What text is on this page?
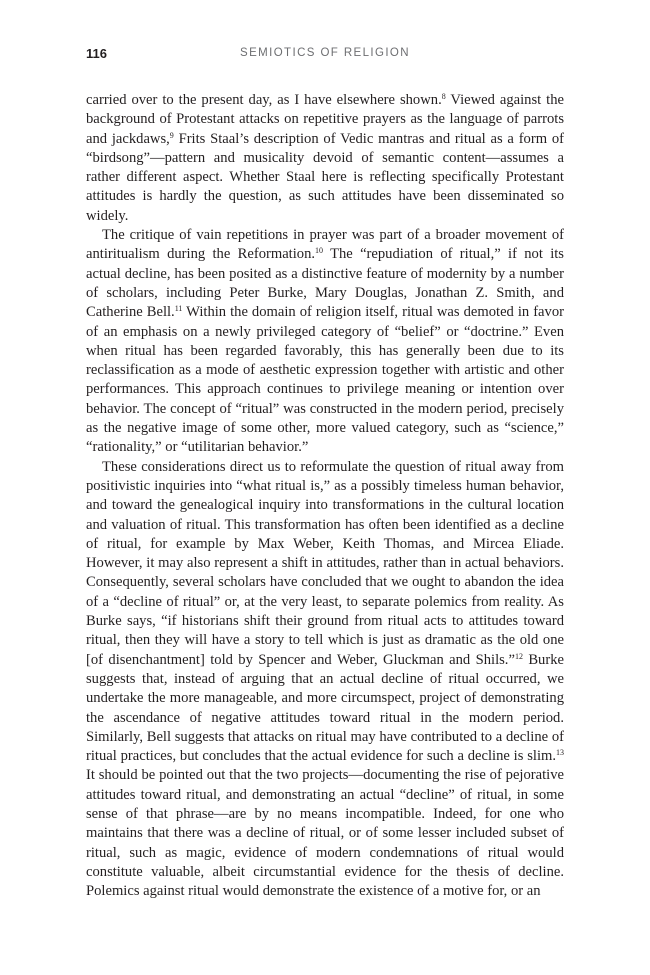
116	SEMIOTICS OF RELIGION

carried over to the present day, as I have elsewhere shown.$^8$ Viewed against the background of Protestant attacks on repetitive prayers as the language of parrots and jackdaws,$^9$ Frits Staal’s description of Vedic mantras and ritual as a form of “birdsong”—pattern and musicality devoid of semantic content—assumes a rather different aspect. Whether Staal here is reflecting specifically Protestant attitudes is hardly the question, as such attitudes have been disseminated so widely.

The critique of vain repetitions in prayer was part of a broader movement of antiritualism during the Reformation.$^{10}$ The “repudiation of ritual,” if not its actual decline, has been posited as a distinctive feature of modernity by a number of scholars, including Peter Burke, Mary Douglas, Jonathan Z. Smith, and Catherine Bell.$^{11}$ Within the domain of religion itself, ritual was demoted in favor of an emphasis on a newly privileged category of “belief” or “doctrine.” Even when ritual has been regarded favorably, this has generally been due to its reclassification as a mode of aesthetic expression together with artistic and other performances. This approach continues to privilege meaning or intention over behavior. The concept of “ritual” was constructed in the modern period, precisely as the negative image of some other, more valued category, such as “science,” “rationality,” or “utilitarian behavior.”

These considerations direct us to reformulate the question of ritual away from positivistic inquiries into “what ritual is,” as a possibly timeless human behavior, and toward the genealogical inquiry into transformations in the cultural location and valuation of ritual. This transformation has often been identified as a decline of ritual, for example by Max Weber, Keith Thomas, and Mircea Eliade. However, it may also represent a shift in attitudes, rather than in actual behaviors. Consequently, several scholars have concluded that we ought to abandon the idea of a “decline of ritual” or, at the very least, to separate polemics from reality. As Burke says, “if historians shift their ground from ritual acts to attitudes toward ritual, then they will have a story to tell which is just as dramatic as the old one [of disenchantment] told by Spencer and Weber, Gluckman and Shils.”$^{12}$ Burke suggests that, instead of arguing that an actual decline of ritual occurred, we undertake the more manageable, and more circumspect, project of demonstrating the ascendance of negative attitudes toward ritual in the modern period. Similarly, Bell suggests that attacks on ritual may have contributed to a decline of ritual practices, but concludes that the actual evidence for such a decline is slim.$^{13}$ It should be pointed out that the two projects—documenting the rise of pejorative attitudes toward ritual, and demonstrating an actual “decline” of ritual, in some sense of that phrase—are by no means incompatible. Indeed, for one who maintains that there was a decline of ritual, or of some lesser included subset of ritual, such as magic, evidence of modern condemnations of ritual would constitute valuable, albeit circumstantial evidence for the thesis of decline. Polemics against ritual would demonstrate the existence of a motive for, or an
